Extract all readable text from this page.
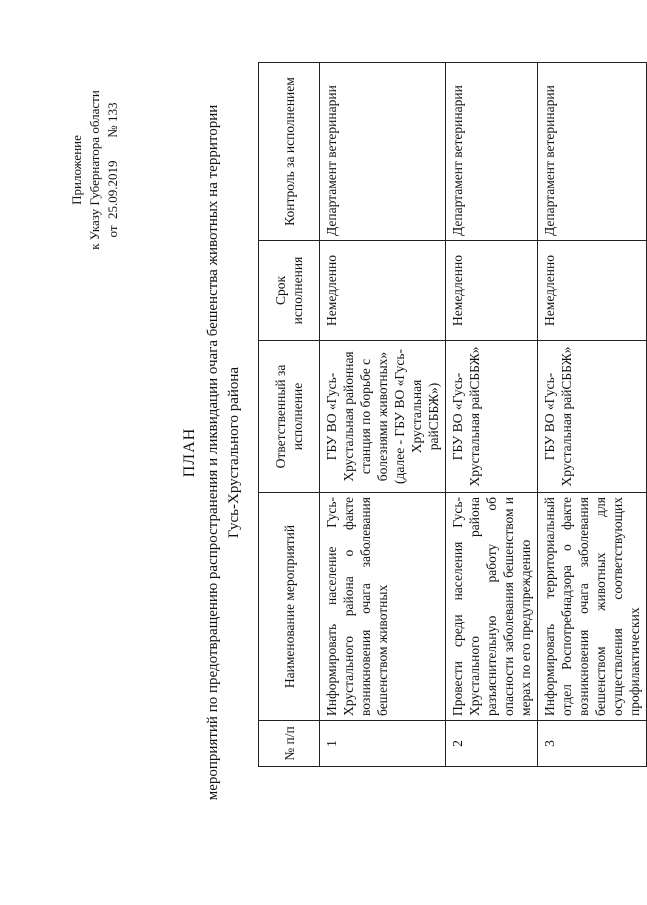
Приложение к Указу Губернатора области от  25.09.2019       № 133
ПЛАН мероприятий по предотвращению распространения и ликвидации очага бешенства животных на территории Гусь-Хрустального района
№ п/п	Наименование мероприятий	Ответственный за исполнение	Срок исполнения	Контроль за исполнением
1	Информировать население Гусь-Хрустального района о факте возникновения очага заболевания бешенством животных	ГБУ ВО «Гусь-Хрустальная районная станция по борьбе с болезнями животных» (далее - ГБУ ВО «Гусь-Хрустальная райСББЖ»)	Немедленно	Департамент ветеринарии
2	Провести среди населения Гусь-Хрустального района разъяснительную работу об опасности заболевания бешенством и мерах по его предупреждению	ГБУ ВО «Гусь-Хрустальная райСББЖ»	Немедленно	Департамент ветеринарии
3	Информировать территориальный отдел Роспотребнадзора о факте возникновения очага заболевания бешенством животных для осуществления соответствующих профилактических	ГБУ ВО «Гусь-Хрустальная райСББЖ»	Немедленно	Департамент ветеринарии
